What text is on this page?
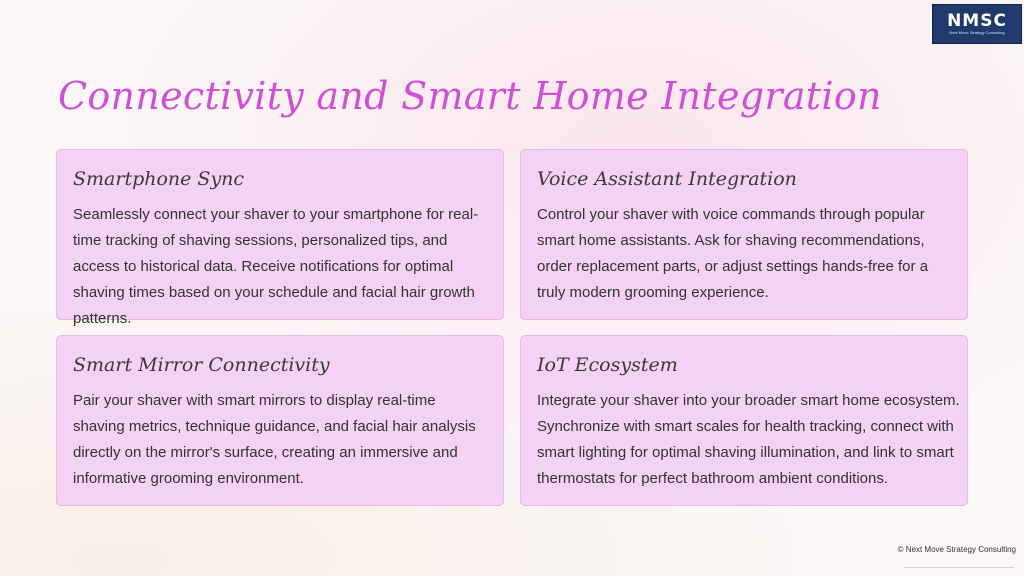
NMSC
Next Move Strategy Consulting
Connectivity and Smart Home Integration
Smartphone Sync

Seamlessly connect your shaver to your smartphone for real-time tracking of shaving sessions, personalized tips, and access to historical data. Receive notifications for optimal shaving times based on your schedule and facial hair growth patterns.

Voice Assistant Integration

Control your shaver with voice commands through popular smart home assistants. Ask for shaving recommendations, order replacement parts, or adjust settings hands-free for a truly modern grooming experience.

Smart Mirror Connectivity

Pair your shaver with smart mirrors to display real-time shaving metrics, technique guidance, and facial hair analysis directly on the mirror's surface, creating an immersive and informative grooming environment.

IoT Ecosystem

Integrate your shaver into your broader smart home ecosystem. Synchronize with smart scales for health tracking, connect with smart lighting for optimal shaving illumination, and link to smart thermostats for perfect bathroom ambient conditions.

© Next Move Strategy Consulting
